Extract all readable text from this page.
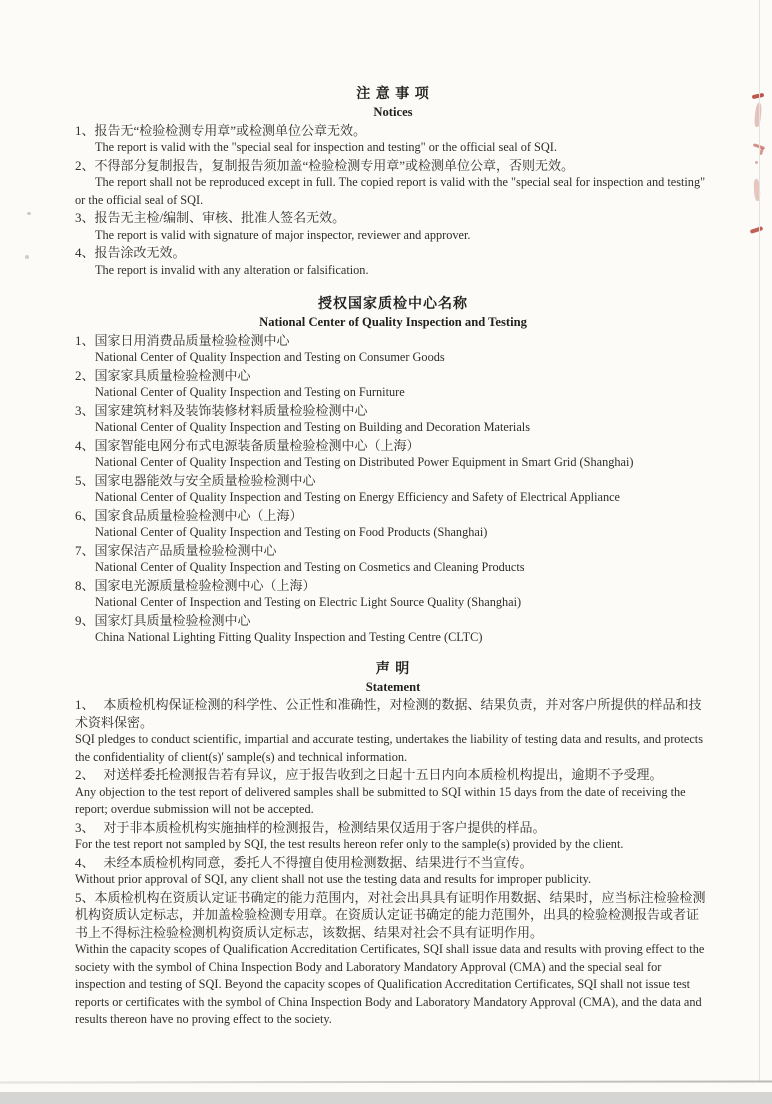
注 意 事 项

Notices

1、报告无“检验检测专用章”或检测单位公章无效。

The report is valid with the "special seal for inspection and testing" or the official seal of SQI.

2、不得部分复制报告，复制报告须加盖“检验检测专用章”或检测单位公章，否则无效。

The report shall not be reproduced except in full. The copied report is valid with the "special seal for inspection and testing" or the official seal of SQI.

3、报告无主检/编制、审核、批准人签名无效。

The report is valid with signature of major inspector, reviewer and approver.

4、报告涂改无效。

The report is invalid with any alteration or falsification.

授权国家质检中心名称

National Center of Quality Inspection and Testing

1、国家日用消费品质量检验检测中心

National Center of Quality Inspection and Testing on Consumer Goods

2、国家家具质量检验检测中心

National Center of Quality Inspection and Testing on Furniture

3、国家建筑材料及装饰装修材料质量检验检测中心

National Center of Quality Inspection and Testing on Building and Decoration Materials

4、国家智能电网分布式电源装备质量检验检测中心（上海）

National Center of Quality Inspection and Testing on Distributed Power Equipment in Smart Grid (Shanghai)

5、国家电器能效与安全质量检验检测中心

National Center of Quality Inspection and Testing on Energy Efficiency and Safety of Electrical Appliance

6、国家食品质量检验检测中心（上海）

National Center of Quality Inspection and Testing on Food Products (Shanghai)

7、国家保洁产品质量检验检测中心

National Center of Quality Inspection and Testing on Cosmetics and Cleaning Products

8、国家电光源质量检验检测中心（上海）

National Center of Inspection and Testing on Electric Light Source Quality (Shanghai)

9、国家灯具质量检验检测中心

China National Lighting Fitting Quality Inspection and Testing Centre (CLTC)

声 明

Statement

1、 本质检机构保证检测的科学性、公正性和准确性，对检测的数据、结果负责，并对客户所提供的样品和技术资料保密。

SQI pledges to conduct scientific, impartial and accurate testing, undertakes the liability of testing data and results, and protects the confidentiality of client(s)' sample(s) and technical information.

2、 对送样委托检测报告若有异议，应于报告收到之日起十五日内向本质检机构提出，逾期不予受理。

Any objection to the test report of delivered samples shall be submitted to SQI within 15 days from the date of receiving the report; overdue submission will not be accepted.

3、 对于非本质检机构实施抽样的检测报告，检测结果仅适用于客户提供的样品。

For the test report not sampled by SQI, the test results hereon refer only to the sample(s) provided by the client.

4、 未经本质检机构同意，委托人不得擅自使用检测数据、结果进行不当宣传。

Without prior approval of SQI, any client shall not use the testing data and results for improper publicity.

5、本质检机构在资质认定证书确定的能力范围内，对社会出具具有证明作用数据、结果时，应当标注检验检测机构资质认定标志，并加盖检验检测专用章。在资质认定证书确定的能力范围外，出具的检验检测报告或者证书上不得标注检验检测机构资质认定标志，该数据、结果对社会不具有证明作用。

Within the capacity scopes of Qualification Accreditation Certificates, SQI shall issue data and results with proving effect to the society with the symbol of China Inspection Body and Laboratory Mandatory Approval (CMA) and the special seal for inspection and testing of SQI. Beyond the capacity scopes of Qualification Accreditation Certificates, SQI shall not issue test reports or certificates with the symbol of China Inspection Body and Laboratory Mandatory Approval (CMA), and the data and results thereon have no proving effect to the society.
